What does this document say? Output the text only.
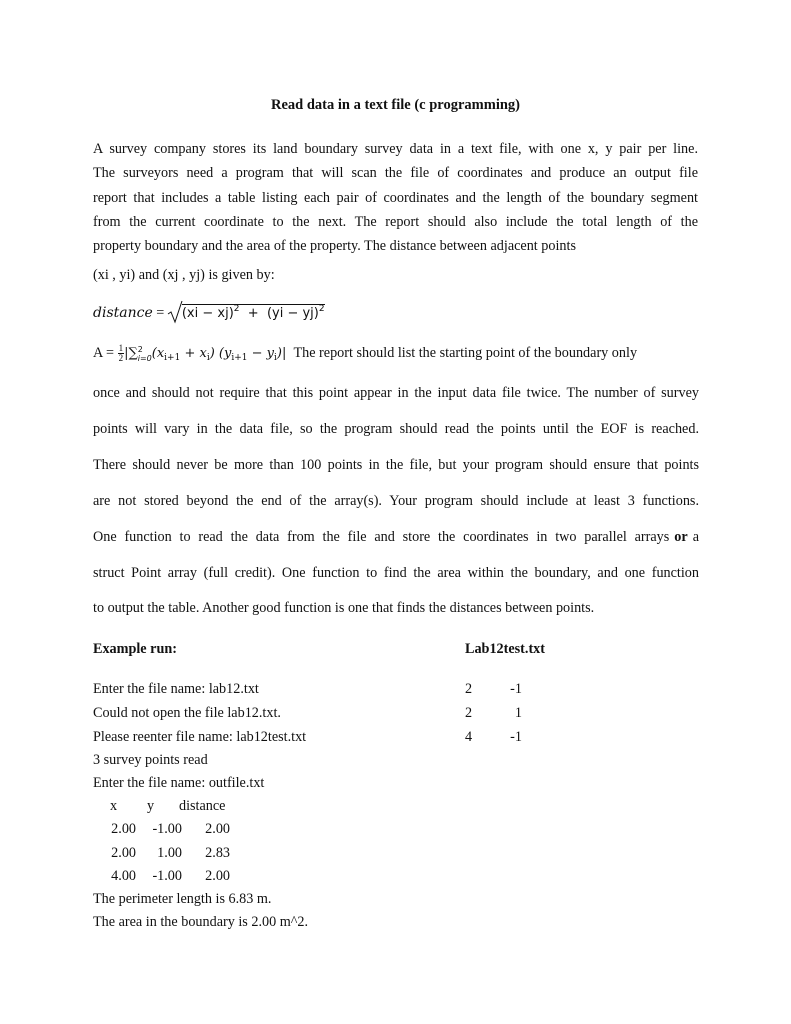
Read data in a text file (c programming)
A survey company stores its land boundary survey data in a text file, with one x, y pair per line.
The surveyors need a program that will scan the file of coordinates and produce an output file
report that includes a table listing each pair of coordinates and the length of the boundary segment
from the current coordinate to the next. The report should also include the total length of the
property boundary and the area of the property. The distance between adjacent points
(xi , yi) and (xj , yj) is given by:
distance = (xi − xj)$^2$ + (yi − yj)$^2$
$A = \frac{1}{2}$ |∑ 2
i=0 $(x_{i+1} + x_i) (y_{i+1} - y_i)|$ The report should list the starting point of the boundary only
once and should not require that this point appear in the input data file twice. The number of survey
points will vary in the data file, so the program should read the points until the EOF is reached.
There should never be more than 100 points in the file, but your program should ensure that points
are not stored beyond the end of the array(s). Your program should include at least 3 functions.
One function to read the data from the file and store the coordinates in two parallel arrays or a
struct Point array (full credit). One function to find the area within the boundary, and one function
to output the table. Another good function is one that finds the distances between points.
Example run:	Lab12test.txt
Enter the file name: lab12.txt
Could not open the file lab12.txt.
Please reenter file name: lab12test.txt
3 survey points read
Enter the file name: outfile.txt
2	-1
2	1
4	-1
x y distance
2.00	-1.00	2.00
2.00	1.00	2.83
4.00	-1.00	2.00
The perimeter length is 6.83 m.
The area in the boundary is 2.00 m^2.
